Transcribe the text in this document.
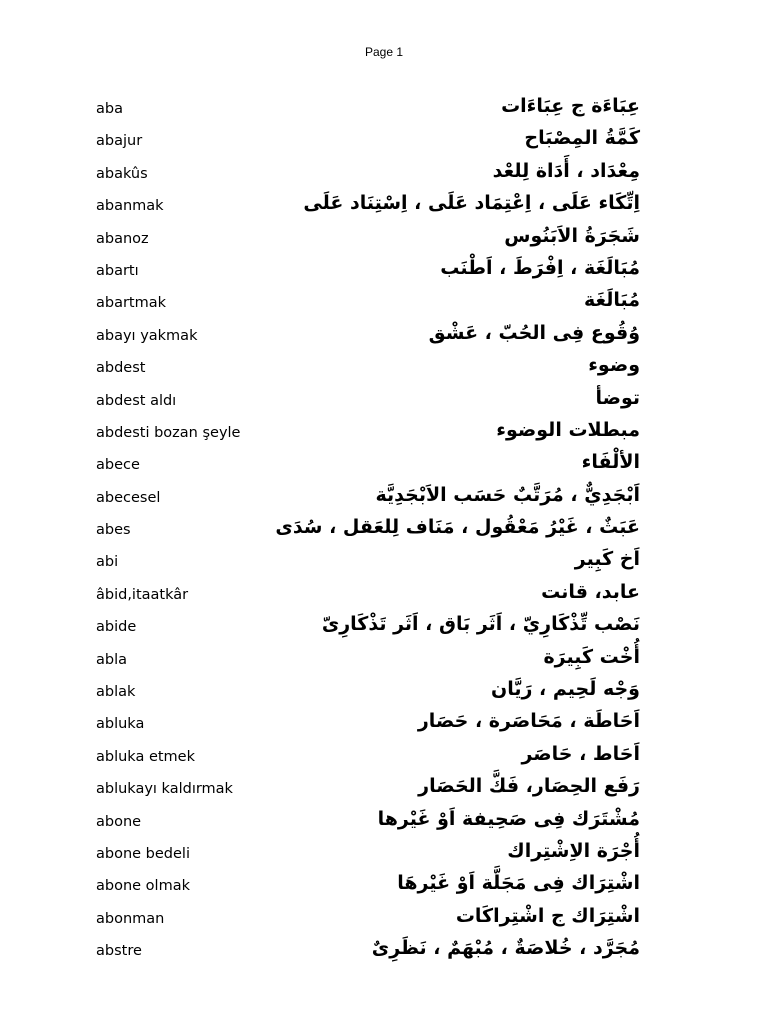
Page 1
aba	عِبَاءَة ج عِبَاءَات
abajur	كَمَّةُ المِصْبَاح
abakûs	مِعْدَاد ، أَدَاة لِلعْد
abanmak	اِتِّكَاء عَلَى ، اِعْتِمَاد عَلَى ، اِسْتِنَاد عَلَى
abanoz	شَجَرَةُ الاَبَنُوس
abartı	مُبَالَغَة ، اِفْرَطَ ، اَطْنَب
abartmak	مُبَالَغَة
abayı yakmak	وُقُوع فِى الحُبّ ، عَشْق
abdest	وضوء
abdest aldı	توضأ
abdesti bozan şeyle	مبطلات الوضوء
abece	الألْفَاء
abecesel	اَبْجَدِيٌّ ، مُرَتَّبٌ حَسَب الاَبْجَدِيَّة
abes	عَبَثٌ ، غَيْرُ مَعْقُول ، مَنَاف لِلعَقل ، سُدَى
abi	اَخ كَبِير
âbid,itaatkâr	عابد، قانت
abide	نَصْب تِّذْكَارِيّ ، اَثَر بَاق ، اَثَر تَذْكَارِىّ
abla	أُخْت كَبِيرَة
ablak	وَجْه لَحِيم ، رَيَّان
abluka	اَحَاطَة ، مَحَاصَرة ، حَصَار
abluka etmek	اَحَاط ، حَاصَر
ablukayı kaldırmak	رَفَع الحِصَار، فَكَّ الحَصَار
abone	مُشْتَرَك فِى صَحِيفة اَوْ غَيْرها
abone bedeli	أُجْرَة الاِشْتِراك
abone olmak	اشْتِرَاك فِى مَجَلَّة اَوْ غَيْرهَا
abonman	اشْتِرَاك ج اشْتِراكَات
abstre	مُجَرَّد ، خُلاصَةٌ ، مُبْهَمٌ ، نَظَرِىٌ
